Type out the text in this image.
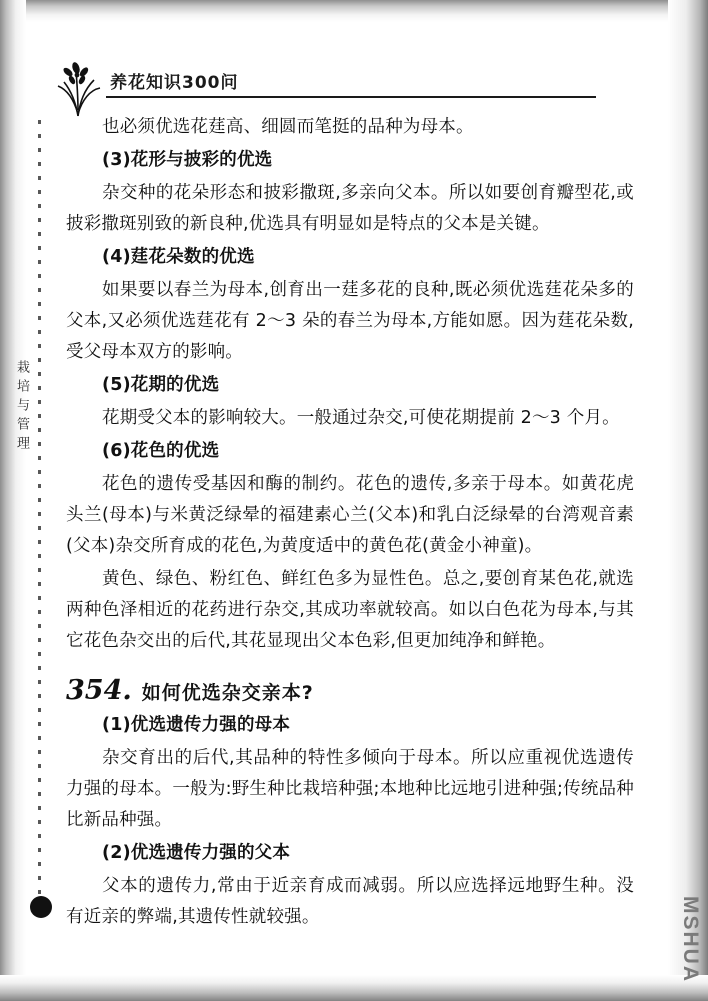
栽培与管理
MSHUA
养花知识300问

也必须优选花莛高、细圆而笔挺的品种为母本。

(3)花形与披彩的优选

杂交种的花朵形态和披彩撒斑,多亲向父本。所以如要创育瓣型花,或披彩撒斑别致的新良种,优选具有明显如是特点的父本是关键。

(4)莛花朵数的优选

如果要以春兰为母本,创育出一莛多花的良种,既必须优选莛花朵多的父本,又必须优选莛花有 2～3 朵的春兰为母本,方能如愿。因为莛花朵数,受父母本双方的影响。

(5)花期的优选

花期受父本的影响较大。一般通过杂交,可使花期提前 2～3 个月。

(6)花色的优选

花色的遗传受基因和酶的制约。花色的遗传,多亲于母本。如黄花虎头兰(母本)与米黄泛绿晕的福建素心兰(父本)和乳白泛绿晕的台湾观音素(父本)杂交所育成的花色,为黄度适中的黄色花(黄金小神童)。

黄色、绿色、粉红色、鲜红色多为显性色。总之,要创育某色花,就选两种色泽相近的花药进行杂交,其成功率就较高。如以白色花为母本,与其它花色杂交出的后代,其花显现出父本色彩,但更加纯净和鲜艳。

354. 如何优选杂交亲本?

(1)优选遗传力强的母本

杂交育出的后代,其品种的特性多倾向于母本。所以应重视优选遗传力强的母本。一般为:野生种比栽培种强;本地种比远地引进种强;传统品种比新品种强。

(2)优选遗传力强的父本

父本的遗传力,常由于近亲育成而减弱。所以应选择远地野生种。没有近亲的弊端,其遗传性就较强。
